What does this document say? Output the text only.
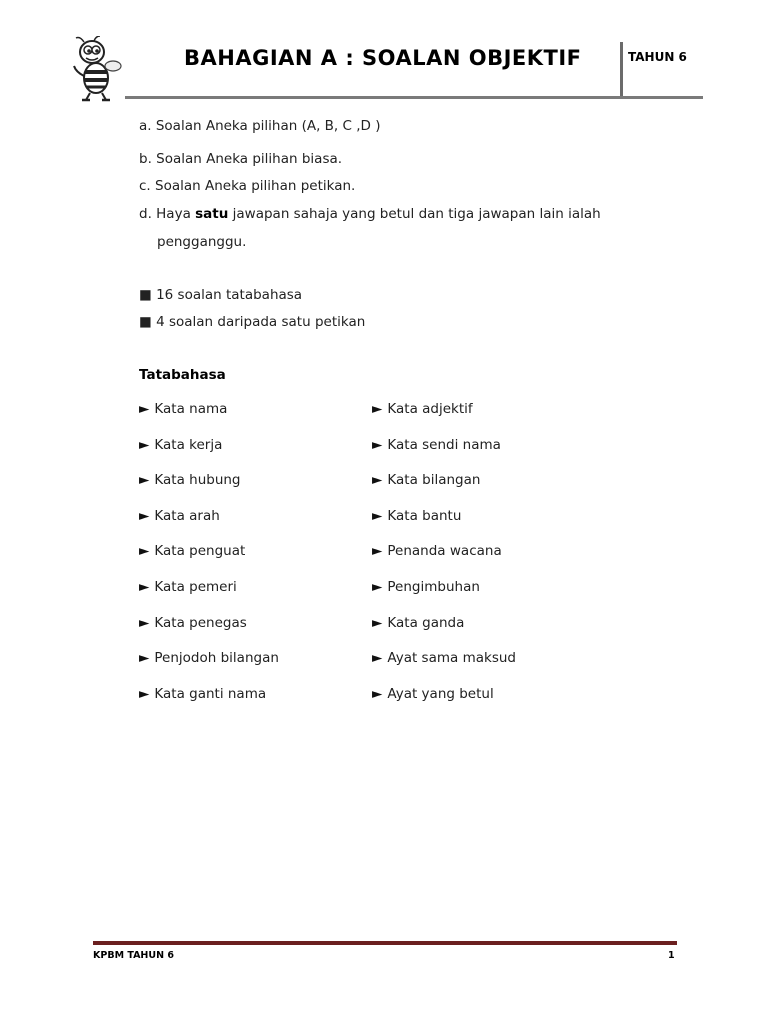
BAHAGIAN A : SOALAN OBJEKTIF	TAHUN 6
a. Soalan Aneka pilihan (A, B, C ,D )
b. Soalan Aneka pilihan biasa.
c. Soalan Aneka pilihan petikan.
d. Haya satu jawapan sahaja yang betul dan tiga jawapan lain ialah
pengganggu.
■ 16 soalan tatabahasa
■ 4 soalan daripada satu petikan
Tatabahasa
► Kata nama	► Kata adjektif
► Kata kerja	► Kata sendi nama
► Kata hubung	► Kata bilangan
► Kata arah	► Kata bantu
► Kata penguat	► Penanda wacana
► Kata pemeri	► Pengimbuhan
► Kata penegas	► Kata ganda
► Penjodoh bilangan	► Ayat sama maksud
► Kata ganti nama	► Ayat yang betul
KPBM TAHUN 6	1
